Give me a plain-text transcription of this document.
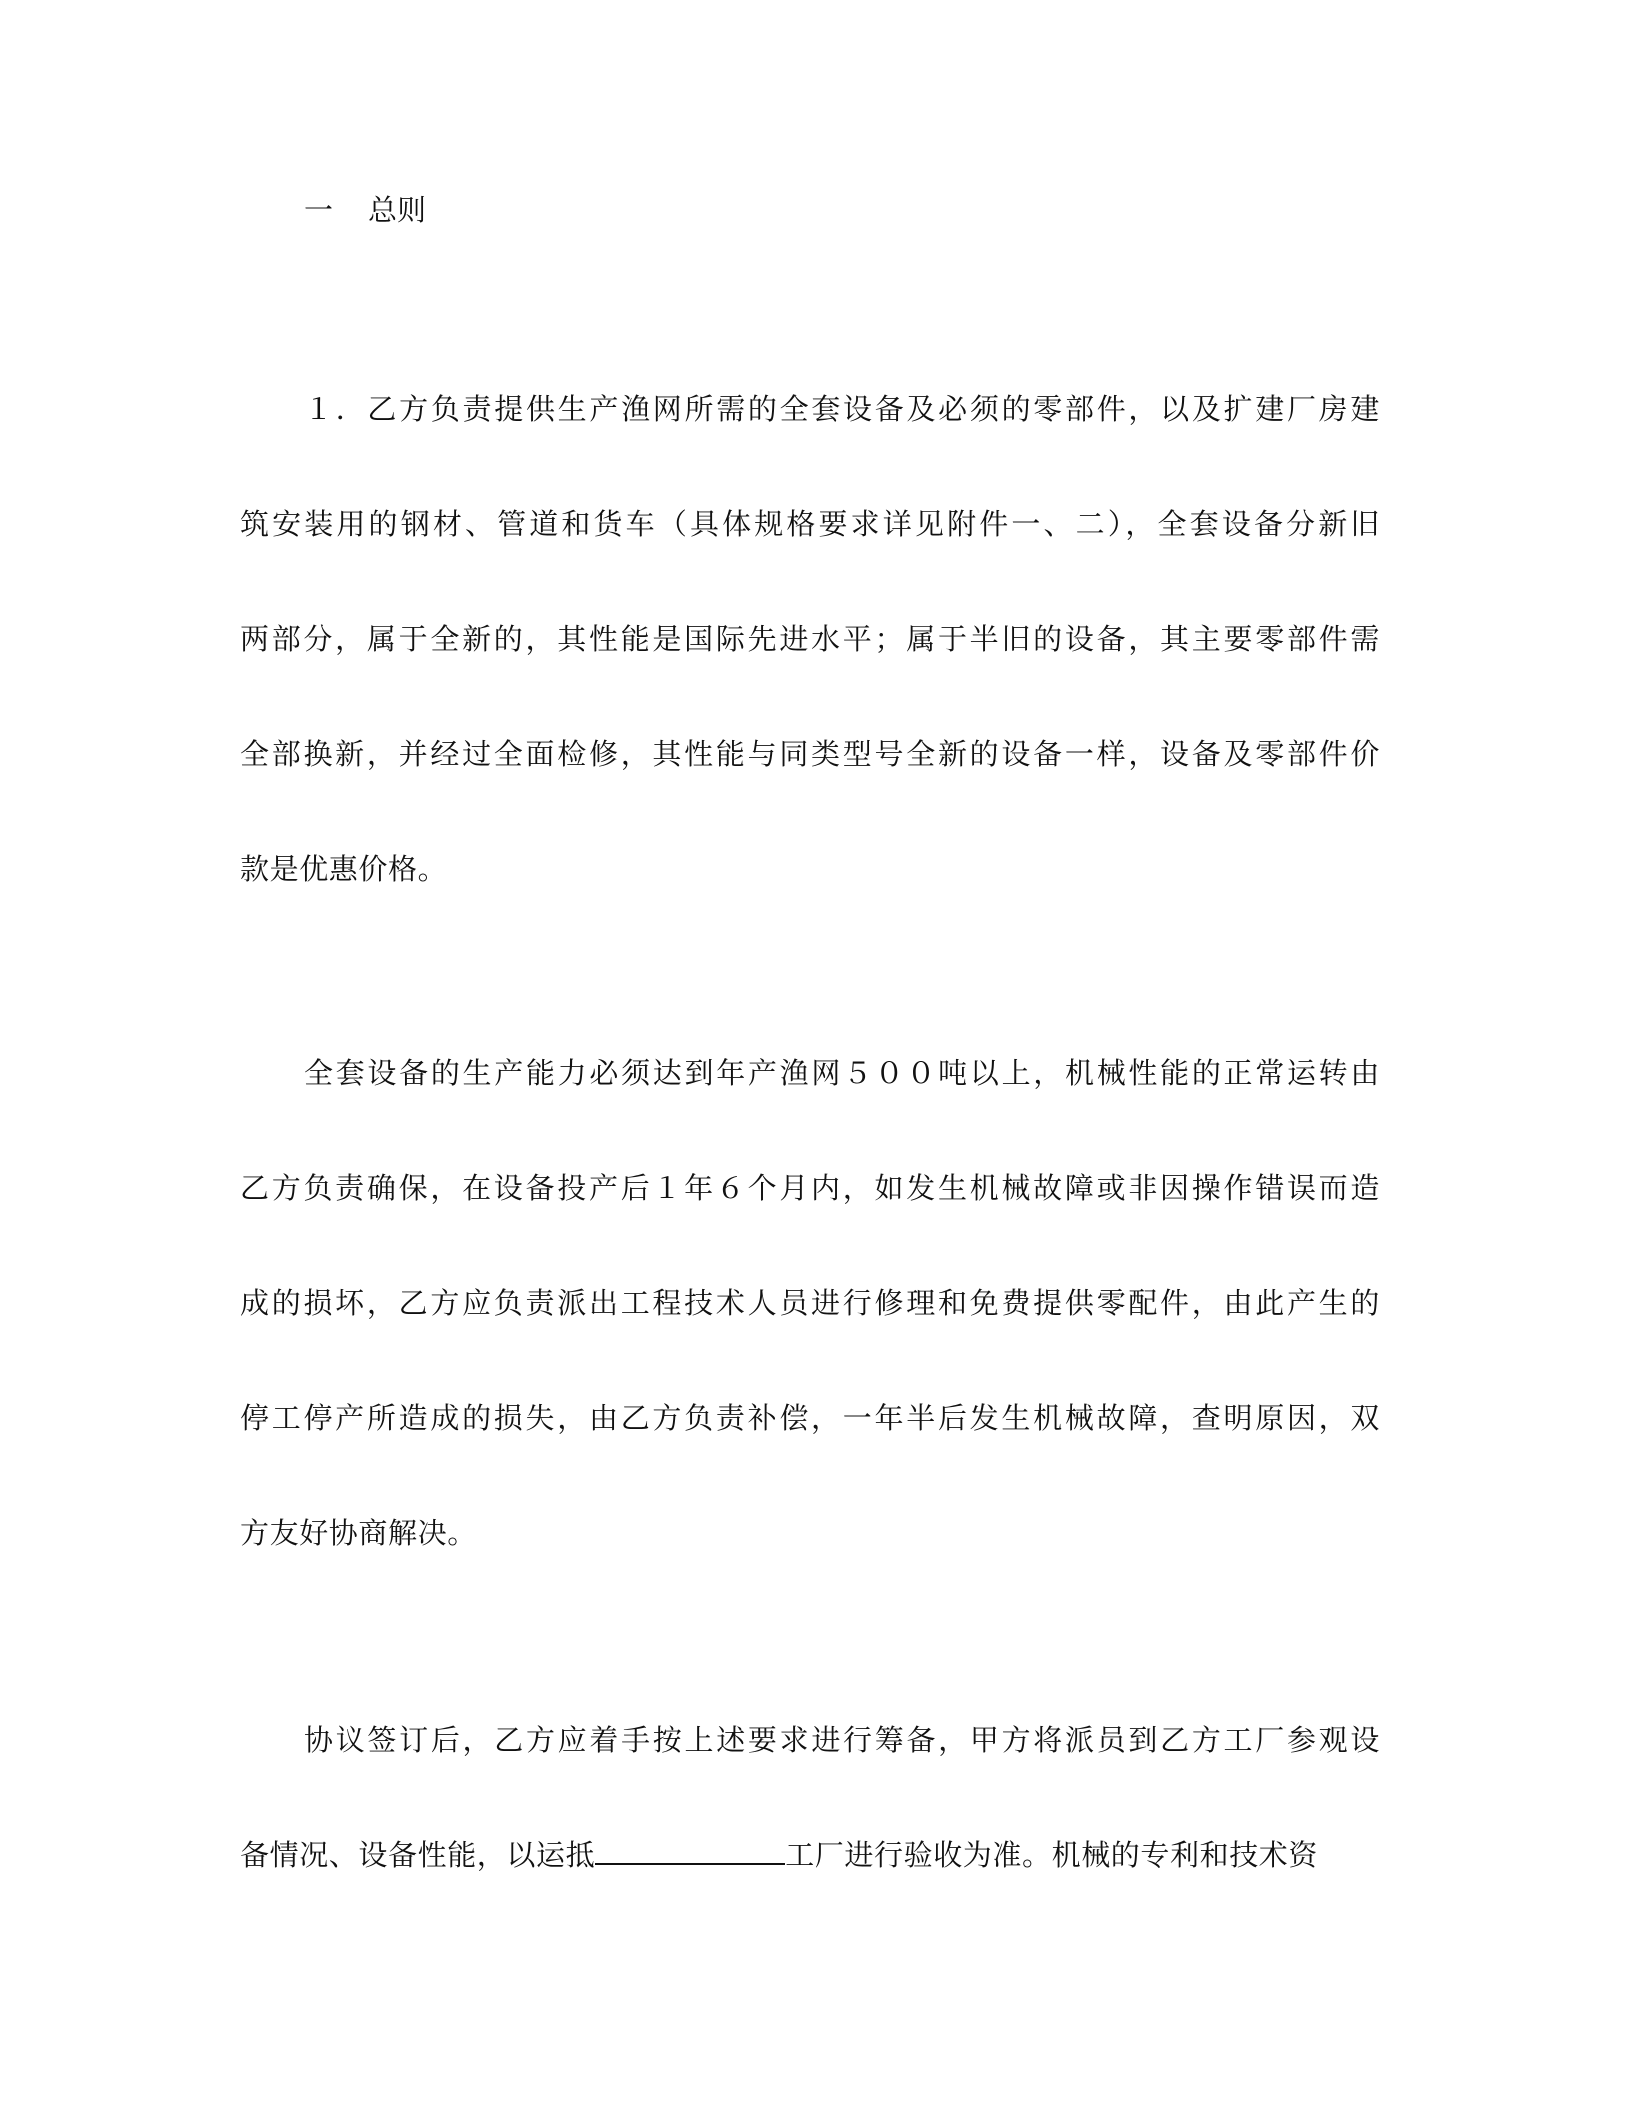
一 总则
１．乙方负责提供生产渔网所需的全套设备及必须的零部件，以及扩建厂房建
筑安装用的钢材、管道和货车（具体规格要求详见附件一、二），全套设备分新旧
两部分，属于全新的，其性能是国际先进水平；属于半旧的设备，其主要零部件需
全部换新，并经过全面检修，其性能与同类型号全新的设备一样，设备及零部件价
款是优惠价格。
全套设备的生产能力必须达到年产渔网５００吨以上，机械性能的正常运转由
乙方负责确保，在设备投产后１年６个月内，如发生机械故障或非因操作错误而造
成的损坏，乙方应负责派出工程技术人员进行修理和免费提供零配件，由此产生的
停工停产所造成的损失，由乙方负责补偿，一年半后发生机械故障，查明原因，双
方友好协商解决。
协议签订后，乙方应着手按上述要求进行筹备，甲方将派员到乙方工厂参观设
备情况、设备性能，以运抵	工厂进行验收为准。机械的专利和技术资
